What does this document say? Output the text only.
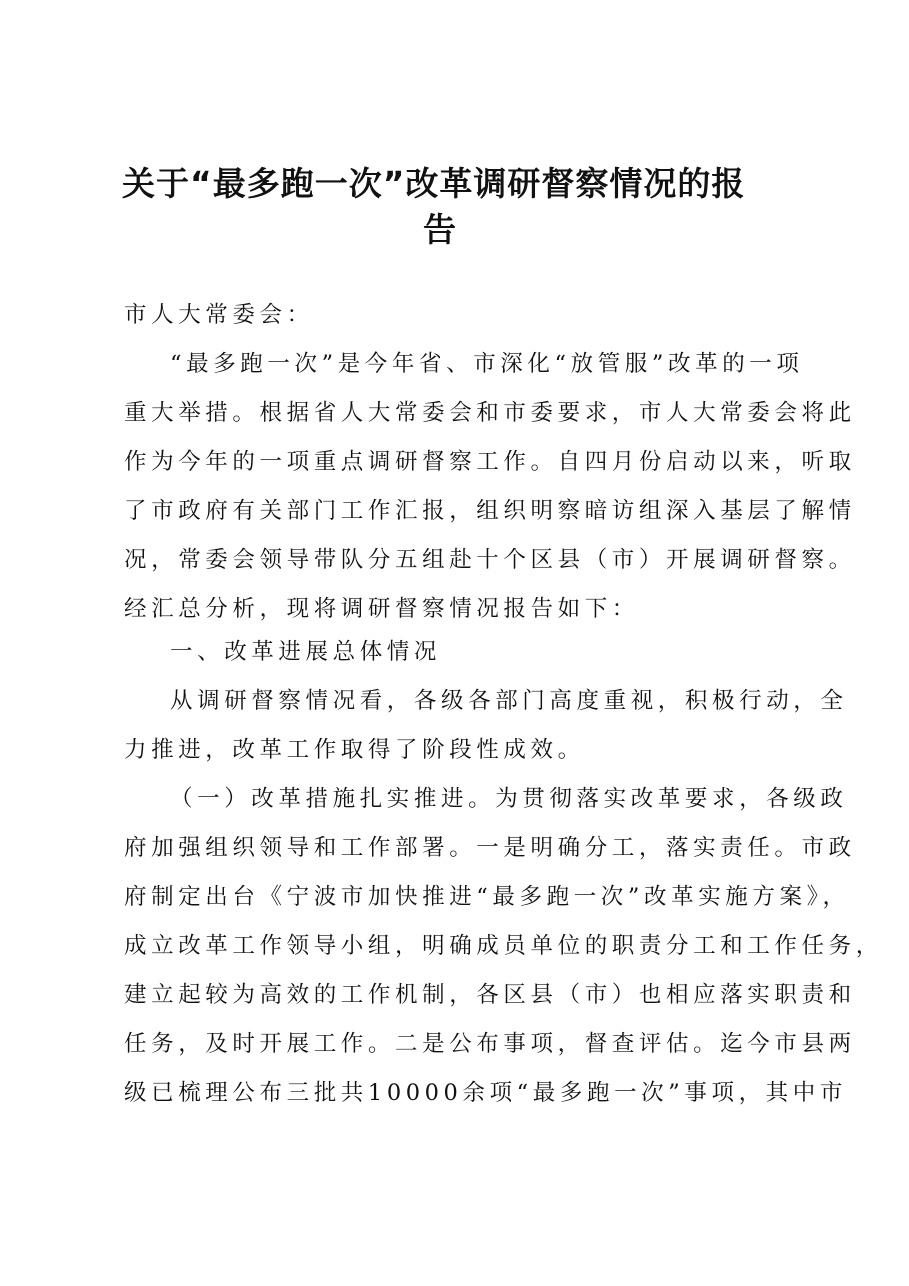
关于“最多跑一次”改革调研督察情况的报
告
市人大常委会：
“最多跑一次”是今年省、市深化“放管服”改革的一项
重大举措。根据省人大常委会和市委要求，市人大常委会将此
作为今年的一项重点调研督察工作。自四月份启动以来，听取
了市政府有关部门工作汇报，组织明察暗访组深入基层了解情
况，常委会领导带队分五组赴十个区县（市）开展调研督察。
经汇总分析，现将调研督察情况报告如下：
一、改革进展总体情况
从调研督察情况看，各级各部门高度重视，积极行动，全
力推进，改革工作取得了阶段性成效。
（一）改革措施扎实推进。为贯彻落实改革要求，各级政
府加强组织领导和工作部署。一是明确分工，落实责任。市政
府制定出台《宁波市加快推进“最多跑一次”改革实施方案》，
成立改革工作领导小组，明确成员单位的职责分工和工作任务，
建立起较为高效的工作机制，各区县（市）也相应落实职责和
任务，及时开展工作。二是公布事项，督查评估。迄今市县两
级已梳理公布三批共10000余项“最多跑一次”事项，其中市
